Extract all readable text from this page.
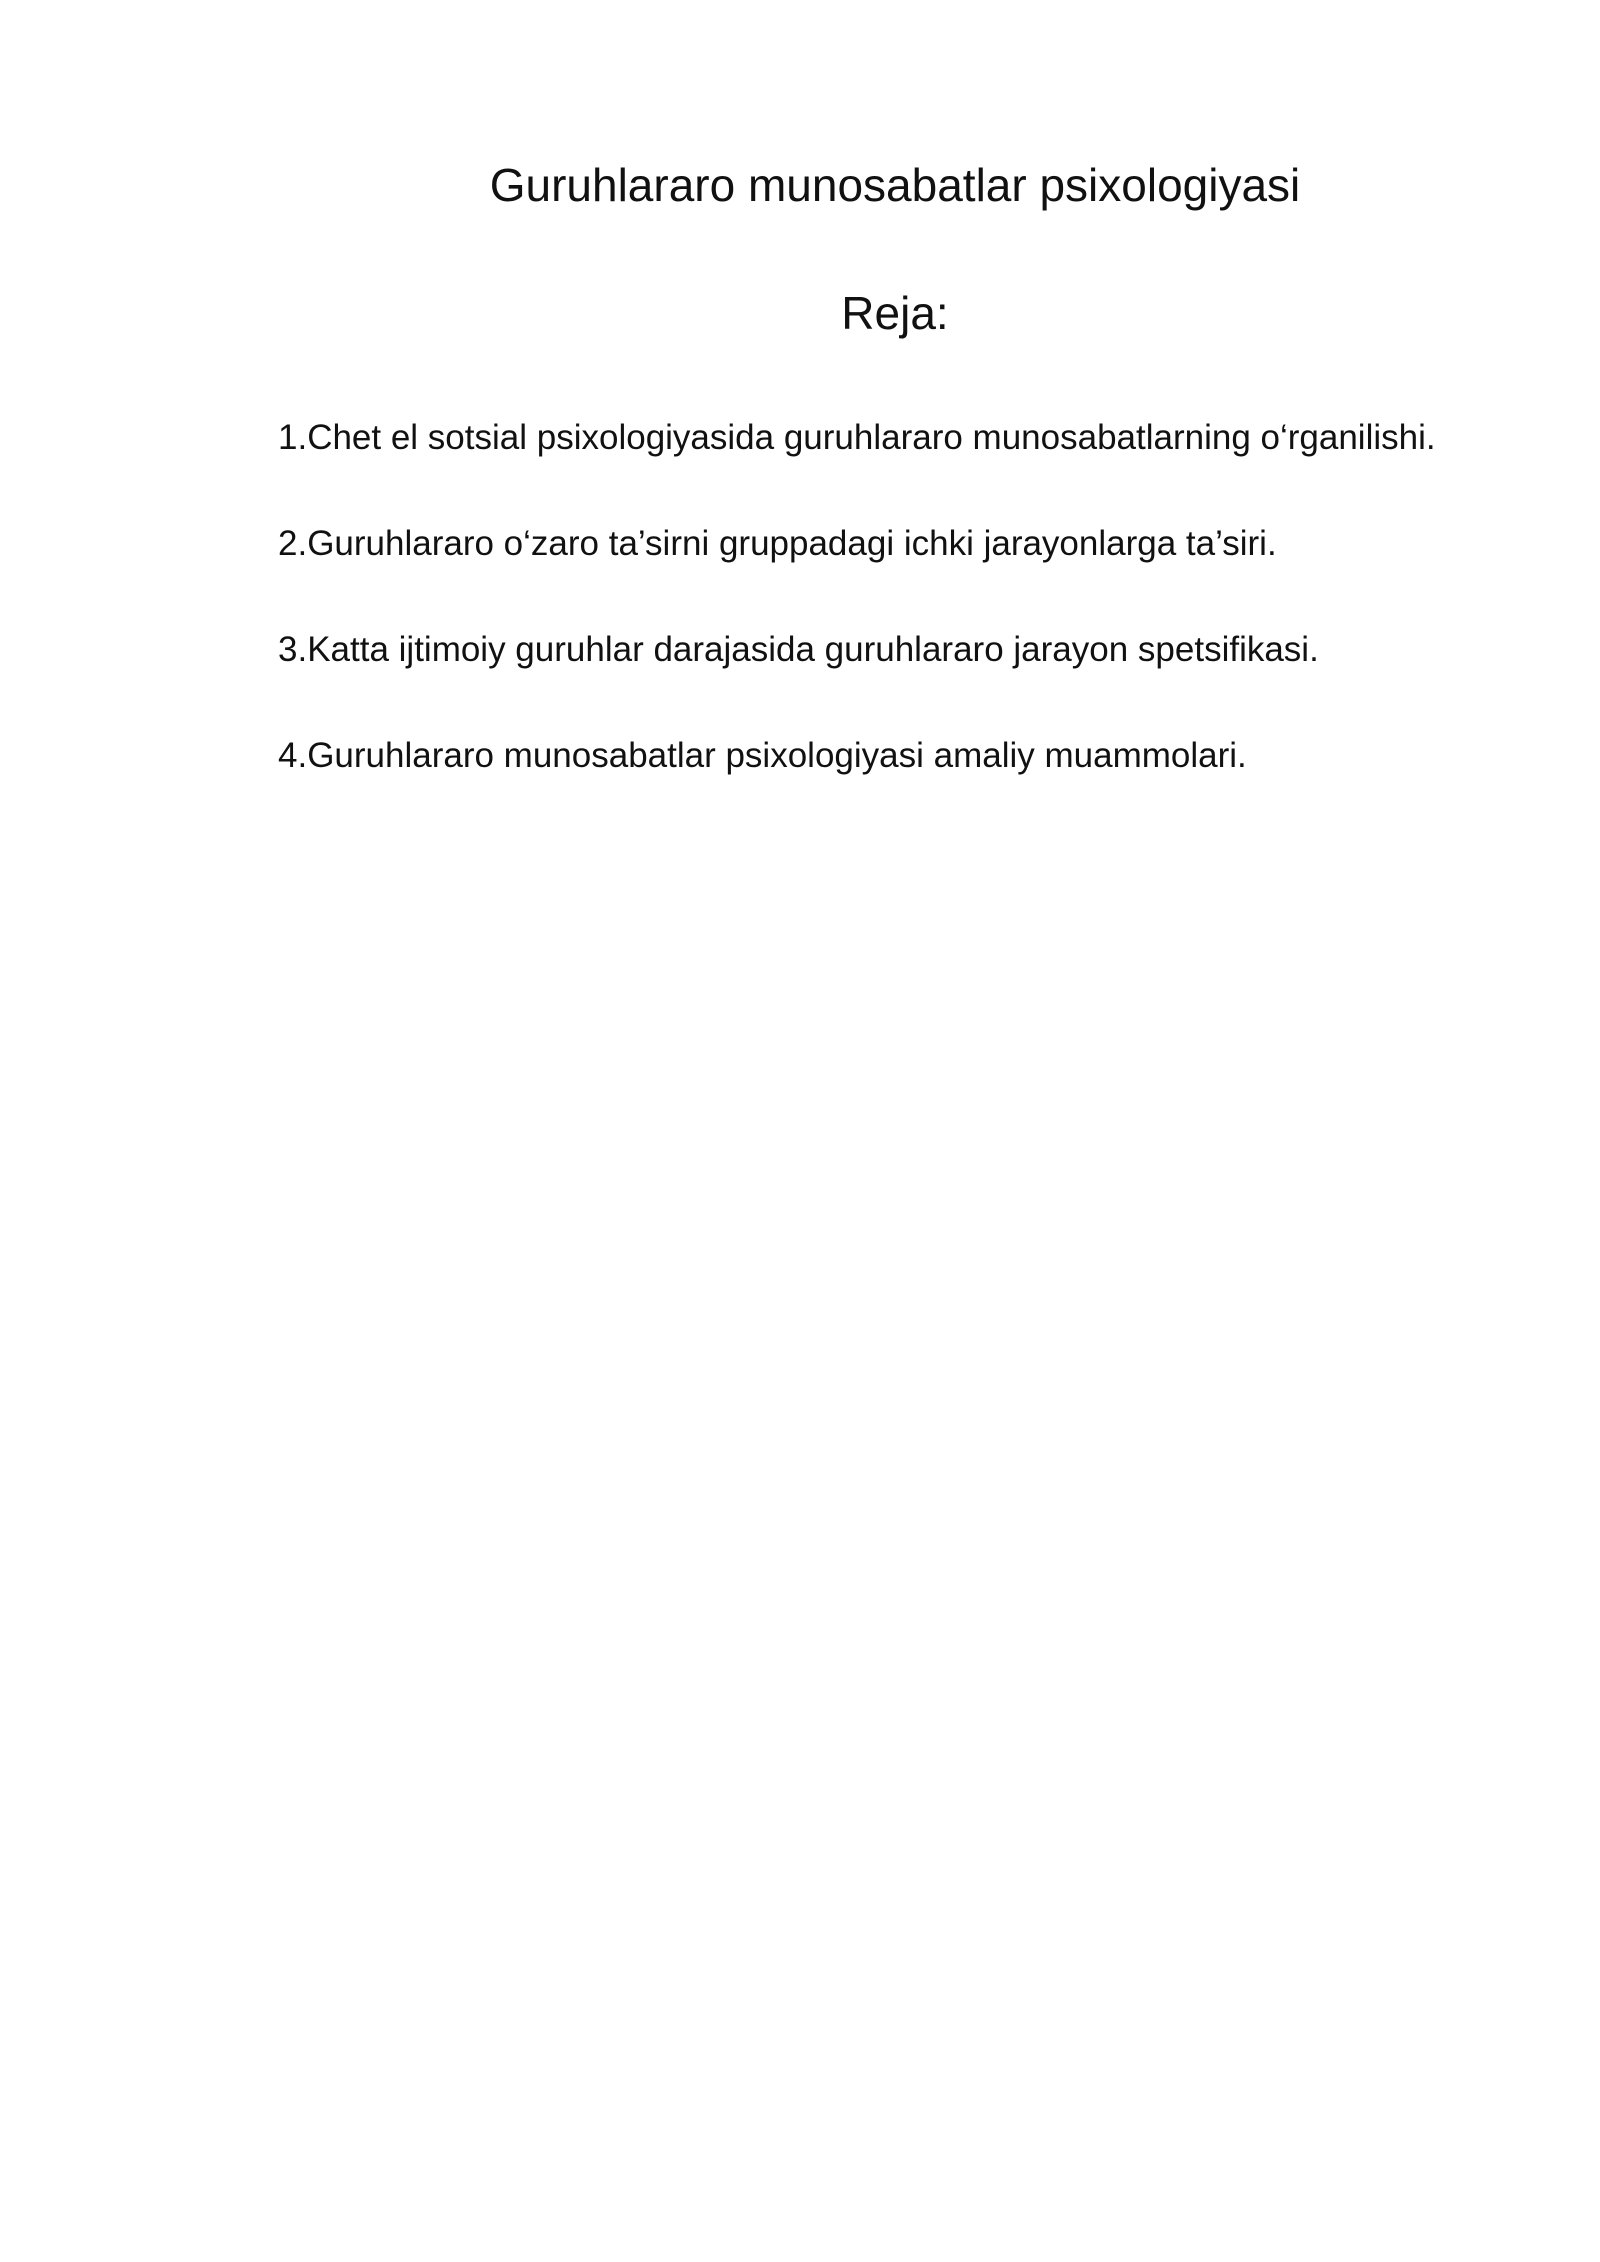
Guruhlararo munosabatlar psixologiyasi
Reja:
1.Chet el sotsial psixologiyasida guruhlararo munosabatlarning o‘rganilishi.
2.Guruhlararo o‘zaro ta’sirni gruppadagi ichki jarayonlarga ta’siri.
3.Katta ijtimoiy guruhlar darajasida guruhlararo jarayon spetsifikasi.
4.Guruhlararo munosabatlar psixologiyasi amaliy muammolari.
